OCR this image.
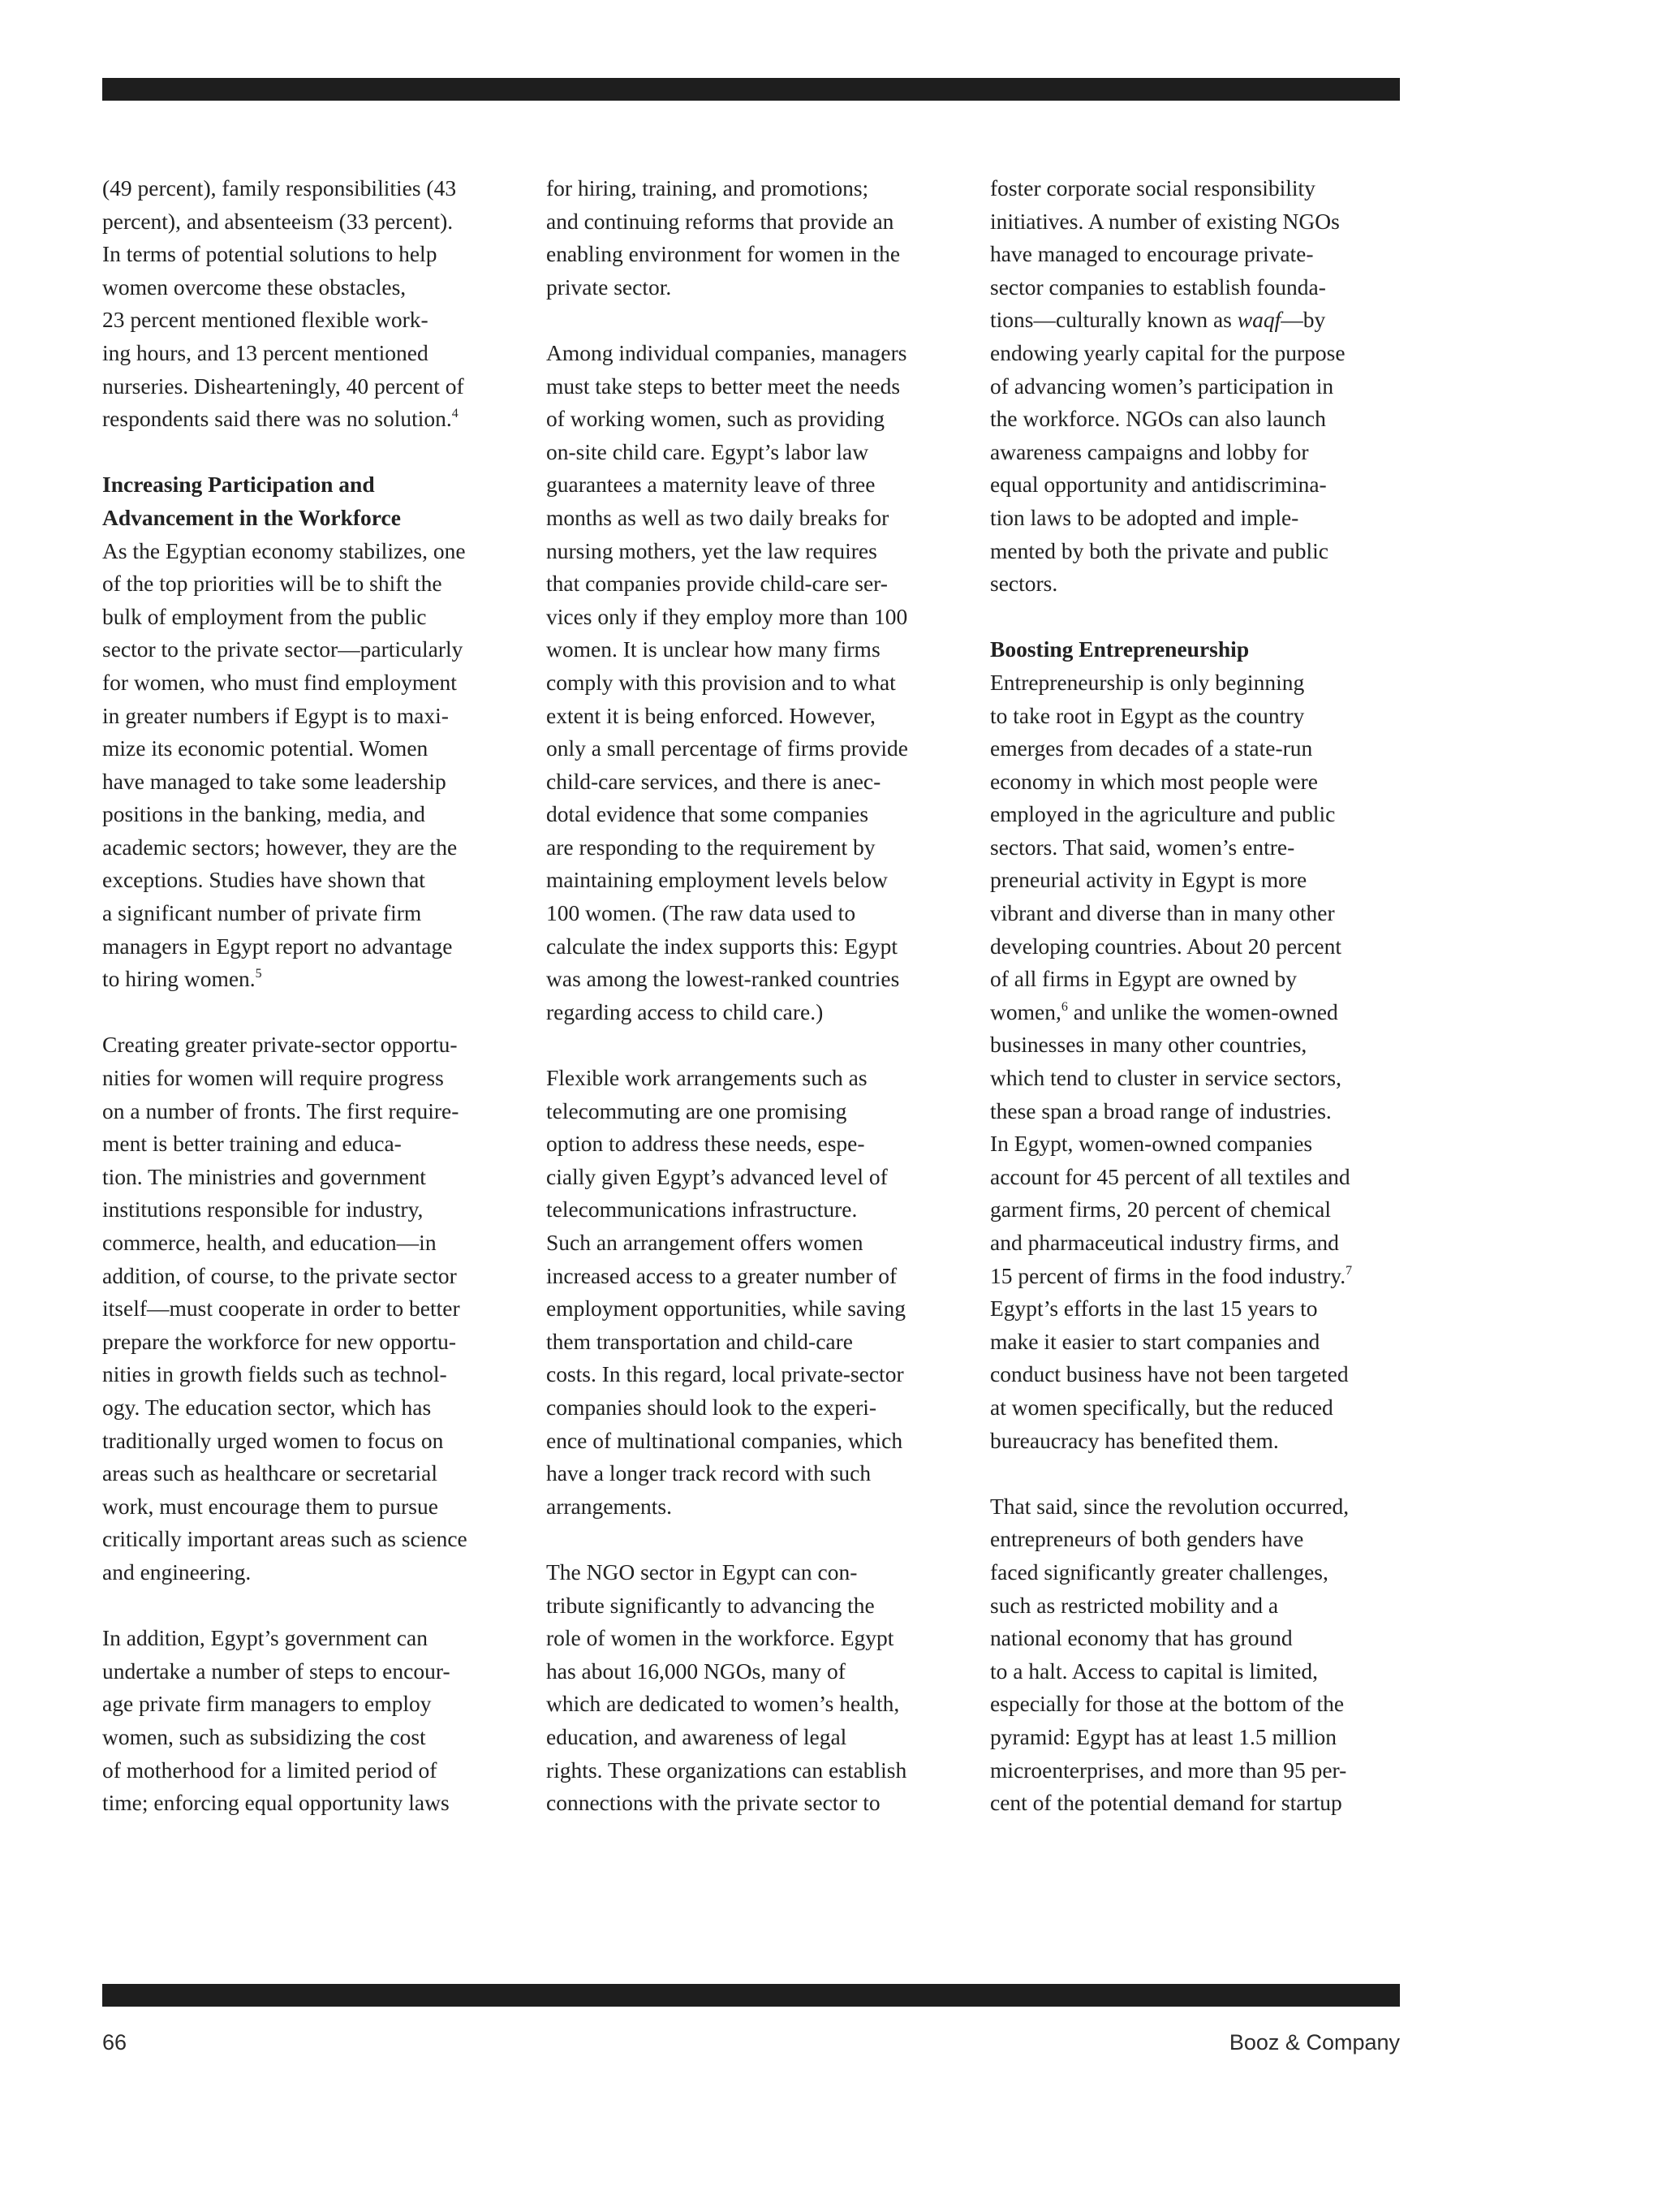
(49 percent), family responsibilities (43
percent), and absenteeism (33 percent).
In terms of potential solutions to help
women overcome these obstacles,
23 percent mentioned flexible work-
ing hours, and 13 percent mentioned
nurseries. Dishearteningly, 40 percent of
respondents said there was no solution.$^4$

Increasing Participation and
Advancement in the Workforce

As the Egyptian economy stabilizes, one
of the top priorities will be to shift the
bulk of employment from the public
sector to the private sector—particularly
for women, who must find employment
in greater numbers if Egypt is to maxi-
mize its economic potential. Women
have managed to take some leadership
positions in the banking, media, and
academic sectors; however, they are the
exceptions. Studies have shown that
a significant number of private firm
managers in Egypt report no advantage
to hiring women.$^5$

Creating greater private-sector opportu-
nities for women will require progress
on a number of fronts. The first require-
ment is better training and educa-
tion. The ministries and government
institutions responsible for industry,
commerce, health, and education—in
addition, of course, to the private sector
itself—must cooperate in order to better
prepare the workforce for new opportu-
nities in growth fields such as technol-
ogy. The education sector, which has
traditionally urged women to focus on
areas such as healthcare or secretarial
work, must encourage them to pursue
critically important areas such as science
and engineering.

In addition, Egypt’s government can
undertake a number of steps to encour-
age private firm managers to employ
women, such as subsidizing the cost
of motherhood for a limited period of
time; enforcing equal opportunity laws

for hiring, training, and promotions;
and continuing reforms that provide an
enabling environment for women in the
private sector.

Among individual companies, managers
must take steps to better meet the needs
of working women, such as providing
on-site child care. Egypt’s labor law
guarantees a maternity leave of three
months as well as two daily breaks for
nursing mothers, yet the law requires
that companies provide child-care ser-
vices only if they employ more than 100
women. It is unclear how many firms
comply with this provision and to what
extent it is being enforced. However,
only a small percentage of firms provide
child-care services, and there is anec-
dotal evidence that some companies
are responding to the requirement by
maintaining employment levels below
100 women. (The raw data used to
calculate the index supports this: Egypt
was among the lowest-ranked countries
regarding access to child care.)

Flexible work arrangements such as
telecommuting are one promising
option to address these needs, espe-
cially given Egypt’s advanced level of
telecommunications infrastructure.
Such an arrangement offers women
increased access to a greater number of
employment opportunities, while saving
them transportation and child-care
costs. In this regard, local private-sector
companies should look to the experi-
ence of multinational companies, which
have a longer track record with such
arrangements.

The NGO sector in Egypt can con-
tribute significantly to advancing the
role of women in the workforce. Egypt
has about 16,000 NGOs, many of
which are dedicated to women’s health,
education, and awareness of legal
rights. These organizations can establish
connections with the private sector to

foster corporate social responsibility
initiatives. A number of existing NGOs
have managed to encourage private-
sector companies to establish founda-
tions—culturally known as waqf—by
endowing yearly capital for the purpose
of advancing women’s participation in
the workforce. NGOs can also launch
awareness campaigns and lobby for
equal opportunity and antidiscrimina-
tion laws to be adopted and imple-
mented by both the private and public
sectors.

Boosting Entrepreneurship

Entrepreneurship is only beginning
to take root in Egypt as the country
emerges from decades of a state-run
economy in which most people were
employed in the agriculture and public
sectors. That said, women’s entre-
preneurial activity in Egypt is more
vibrant and diverse than in many other
developing countries. About 20 percent
of all firms in Egypt are owned by
women,$^6$ and unlike the women-owned
businesses in many other countries,
which tend to cluster in service sectors,
these span a broad range of industries.
In Egypt, women-owned companies
account for 45 percent of all textiles and
garment firms, 20 percent of chemical
and pharmaceutical industry firms, and
15 percent of firms in the food industry.$^7$
Egypt’s efforts in the last 15 years to
make it easier to start companies and
conduct business have not been targeted
at women specifically, but the reduced
bureaucracy has benefited them.

That said, since the revolution occurred,
entrepreneurs of both genders have
faced significantly greater challenges,
such as restricted mobility and a
national economy that has ground
to a halt. Access to capital is limited,
especially for those at the bottom of the
pyramid: Egypt has at least 1.5 million
microenterprises, and more than 95 per-
cent of the potential demand for startup

66	Booz & Company
